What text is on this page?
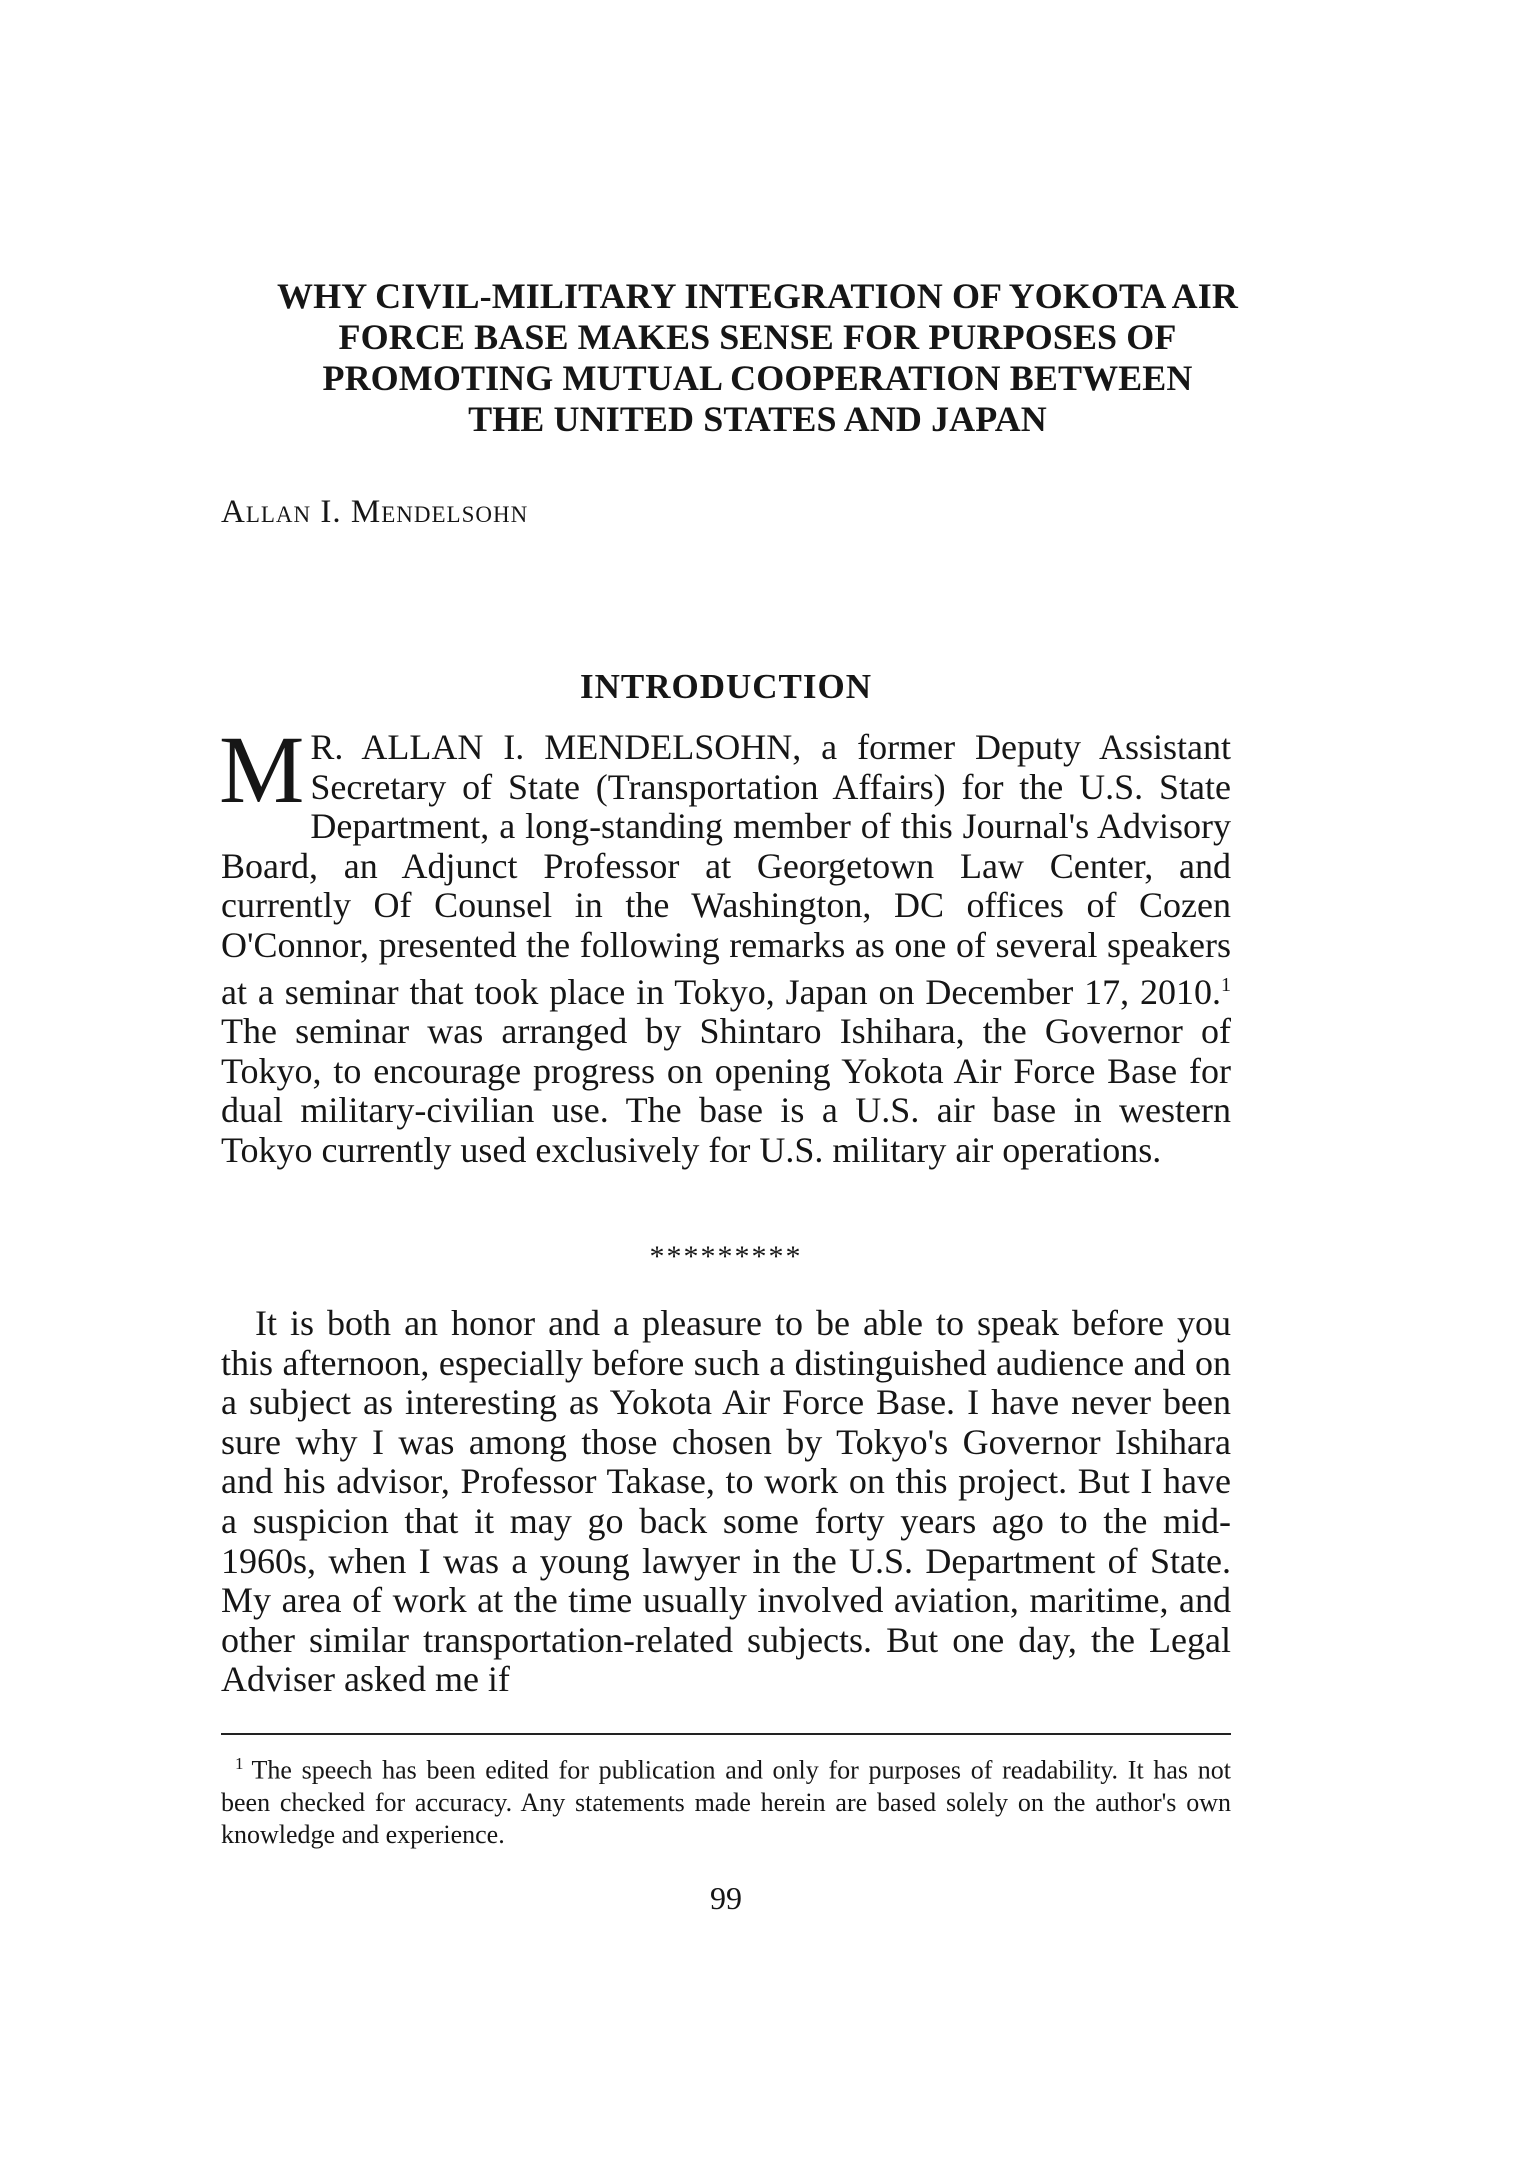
WHY CIVIL-MILITARY INTEGRATION OF YOKOTA AIR
FORCE BASE MAKES SENSE FOR PURPOSES OF
PROMOTING MUTUAL COOPERATION BETWEEN
THE UNITED STATES AND JAPAN

Allan I. Mendelsohn

INTRODUCTION

M R. ALLAN I. MENDELSOHN, a former Deputy Assistant Secretary of State (Transportation Affairs) for the U.S. State Department, a long-standing member of this Journal's Advisory Board, an Adjunct Professor at Georgetown Law Center, and currently Of Counsel in the Washington, DC offices of Cozen O'Connor, presented the following remarks as one of several speakers at a seminar that took place in Tokyo, Japan on December 17, 2010.$^1$ The seminar was arranged by Shintaro Ishihara, the Governor of Tokyo, to encourage progress on opening Yokota Air Force Base for dual military-civilian use. The base is a U.S. air base in western Tokyo currently used exclusively for U.S. military air operations.

*********

It is both an honor and a pleasure to be able to speak before you this afternoon, especially before such a distinguished audience and on a subject as interesting as Yokota Air Force Base. I have never been sure why I was among those chosen by Tokyo's Governor Ishihara and his advisor, Professor Takase, to work on this project. But I have a suspicion that it may go back some forty years ago to the mid-1960s, when I was a young lawyer in the U.S. Department of State. My area of work at the time usually involved aviation, maritime, and other similar transportation-related subjects. But one day, the Legal Adviser asked me if

$^1$ The speech has been edited for publication and only for purposes of readability. It has not been checked for accuracy. Any statements made herein are based solely on the author's own knowledge and experience.

99
